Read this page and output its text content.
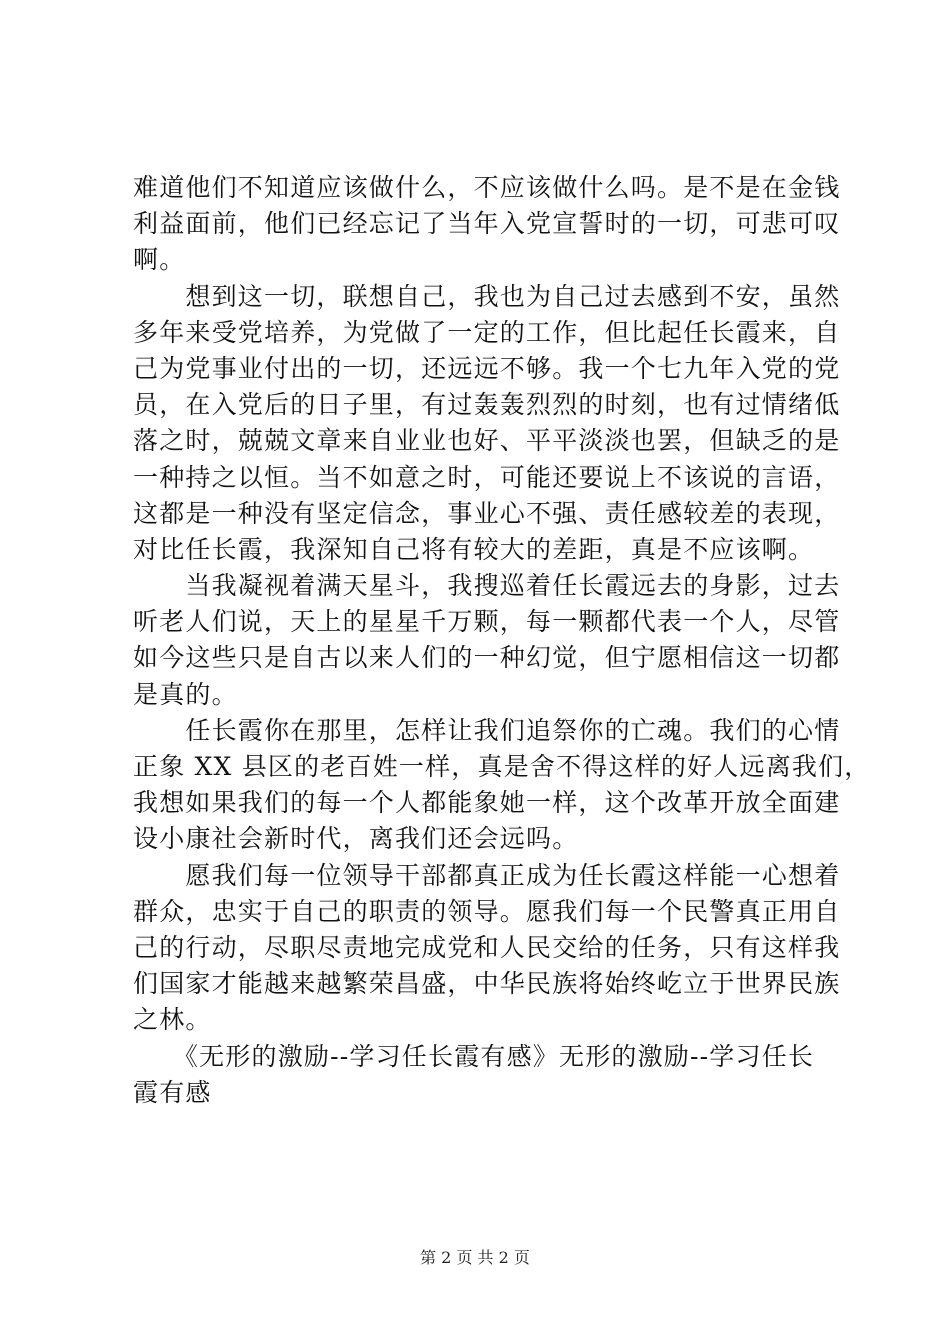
难道他们不知道应该做什么，不应该做什么吗。是不是在金钱
利益面前，他们已经忘记了当年入党宣誓时的一切，可悲可叹
啊。
　　想到这一切，联想自己，我也为自己过去感到不安，虽然
多年来受党培养，为党做了一定的工作，但比起任长霞来，自
己为党事业付出的一切，还远远不够。我一个七九年入党的党
员，在入党后的日子里，有过轰轰烈烈的时刻，也有过情绪低
落之时，兢兢文章来自业业也好、平平淡淡也罢，但缺乏的是
一种持之以恒。当不如意之时，可能还要说上不该说的言语，
这都是一种没有坚定信念，事业心不强、责任感较差的表现，
对比任长霞，我深知自己将有较大的差距，真是不应该啊。
　　当我凝视着满天星斗，我搜巡着任长霞远去的身影，过去
听老人们说，天上的星星千万颗，每一颗都代表一个人，尽管
如今这些只是自古以来人们的一种幻觉，但宁愿相信这一切都
是真的。
　　任长霞你在那里，怎样让我们追祭你的亡魂。我们的心情
正象 XX 县区的老百姓一样，真是舍不得这样的好人远离我们，
我想如果我们的每一个人都能象她一样，这个改革开放全面建
设小康社会新时代，离我们还会远吗。
　　愿我们每一位领导干部都真正成为任长霞这样能一心想着
群众，忠实于自己的职责的领导。愿我们每一个民警真正用自
己的行动，尽职尽责地完成党和人民交给的任务，只有这样我
们国家才能越来越繁荣昌盛，中华民族将始终屹立于世界民族
之林。
　　《无形的激励--学习任长霞有感》无形的激励--学习任长
霞有感
第 2 页 共 2 页
